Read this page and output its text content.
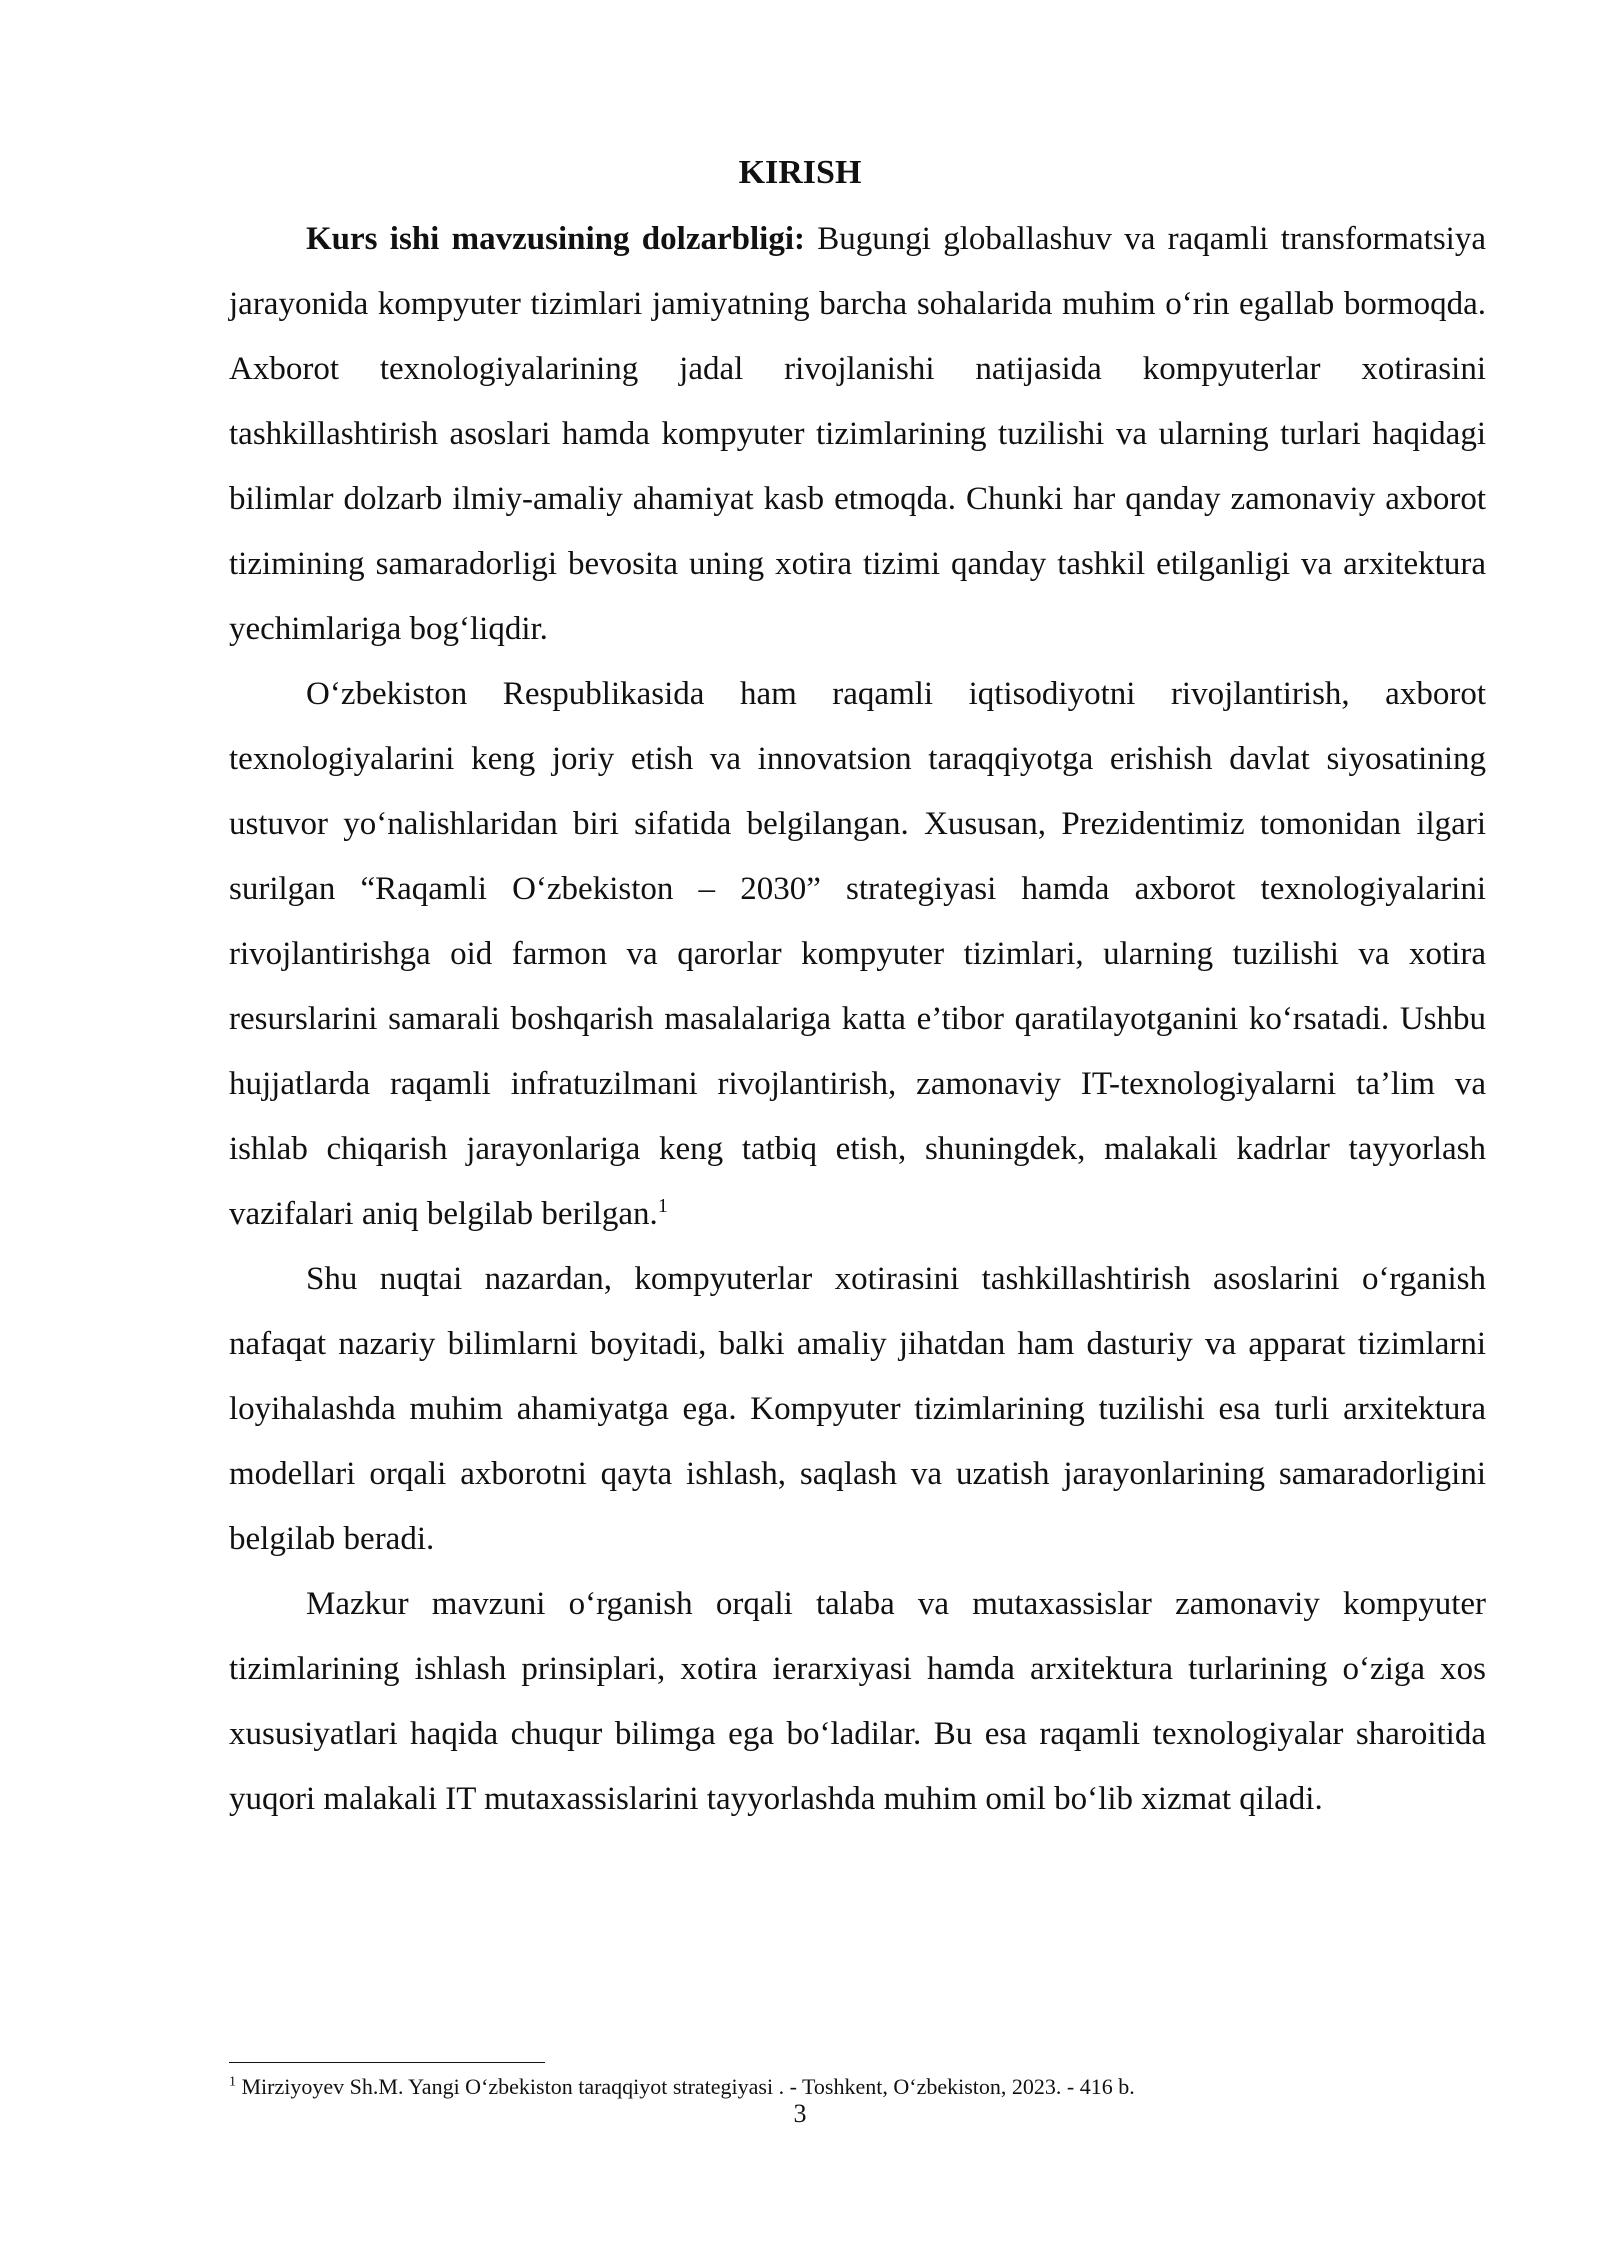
KIRISH

Kurs ishi mavzusining dolzarbligi: Bugungi globallashuv va raqamli transformatsiya jarayonida kompyuter tizimlari jamiyatning barcha sohalarida muhim oʻrin egallab bormoqda. Axborot texnologiyalarining jadal rivojlanishi natijasida kompyuterlar xotirasini tashkillashtirish asoslari hamda kompyuter tizimlarining tuzilishi va ularning turlari haqidagi bilimlar dolzarb ilmiy-amaliy ahamiyat kasb etmoqda. Chunki har qanday zamonaviy axborot tizimining samaradorligi bevosita uning xotira tizimi qanday tashkil etilganligi va arxitektura yechimlariga bogʻliqdir.

Oʻzbekiston Respublikasida ham raqamli iqtisodiyotni rivojlantirish, axborot texnologiyalarini keng joriy etish va innovatsion taraqqiyotga erishish davlat siyosatining ustuvor yoʻnalishlaridan biri sifatida belgilangan. Xususan, Prezidentimiz tomonidan ilgari surilgan “Raqamli Oʻzbekiston – 2030” strategiyasi hamda axborot texnologiyalarini rivojlantirishga oid farmon va qarorlar kompyuter tizimlari, ularning tuzilishi va xotira resurslarini samarali boshqarish masalalariga katta e’tibor qaratilayotganini koʻrsatadi. Ushbu hujjatlarda raqamli infratuzilmani rivojlantirish, zamonaviy IT-texnologiyalarni ta’lim va ishlab chiqarish jarayonlariga keng tatbiq etish, shuningdek, malakali kadrlar tayyorlash vazifalari aniq belgilab berilgan.$^1$

Shu nuqtai nazardan, kompyuterlar xotirasini tashkillashtirish asoslarini oʻrganish nafaqat nazariy bilimlarni boyitadi, balki amaliy jihatdan ham dasturiy va apparat tizimlarni loyihalashda muhim ahamiyatga ega. Kompyuter tizimlarining tuzilishi esa turli arxitektura modellari orqali axborotni qayta ishlash, saqlash va uzatish jarayonlarining samaradorligini belgilab beradi.

Mazkur mavzuni oʻrganish orqali talaba va mutaxassislar zamonaviy kompyuter tizimlarining ishlash prinsiplari, xotira ierarxiyasi hamda arxitektura turlarining oʻziga xos xususiyatlari haqida chuqur bilimga ega boʻladilar. Bu esa raqamli texnologiyalar sharoitida yuqori malakali IT mutaxassislarini tayyorlashda muhim omil boʻlib xizmat qiladi.

$^1$ Mirziyoyev Sh.M. Yangi Oʻzbekiston taraqqiyot strategiyasi . - Toshkent, Oʻzbekiston, 2023. - 416 b.

3
